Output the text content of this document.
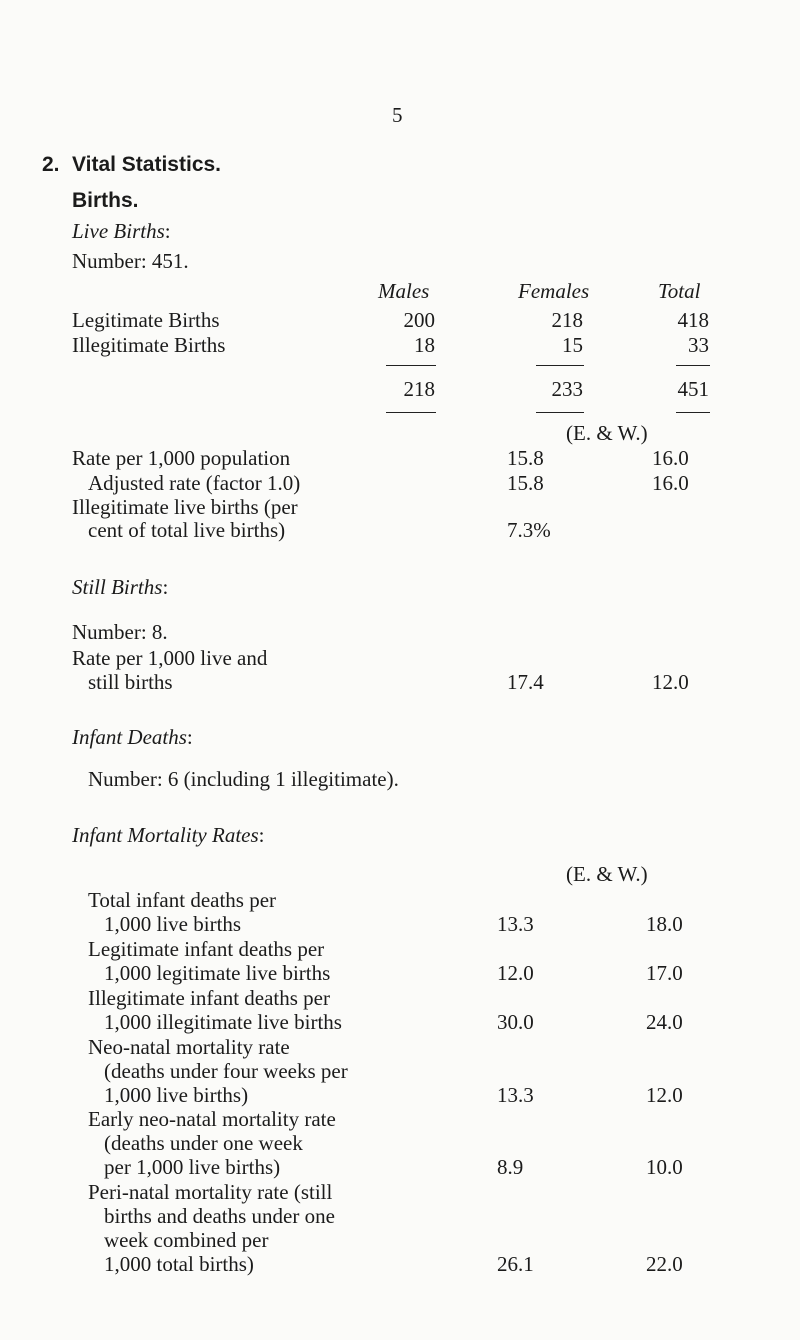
5
2. Vital Statistics.
Births.
Live Births:
Number: 451.
Males	Females	Total
Legitimate Births	200	218	418
Illegitimate Births	18	15	33
218	233	451
(E. & W.)
Rate per 1,000 population	15.8	16.0
Adjusted rate (factor 1.0)	15.8	16.0
Illegitimate live births (per
cent of total live births)	7.3%
Still Births:
Number: 8.
Rate per 1,000 live and
still births	17.4	12.0
Infant Deaths:
Number: 6 (including 1 illegitimate).
Infant Mortality Rates:
(E. & W.)
Total infant deaths per
1,000 live births	13.3	18.0
Legitimate infant deaths per
1,000 legitimate live births	12.0	17.0
Illegitimate infant deaths per
1,000 illegitimate live births	30.0	24.0
Neo-natal mortality rate
(deaths under four weeks per
1,000 live births)	13.3	12.0
Early neo-natal mortality rate
(deaths under one week
per 1,000 live births)	8.9	10.0
Peri-natal mortality rate (still
births and deaths under one
week combined per
1,000 total births)	26.1	22.0
